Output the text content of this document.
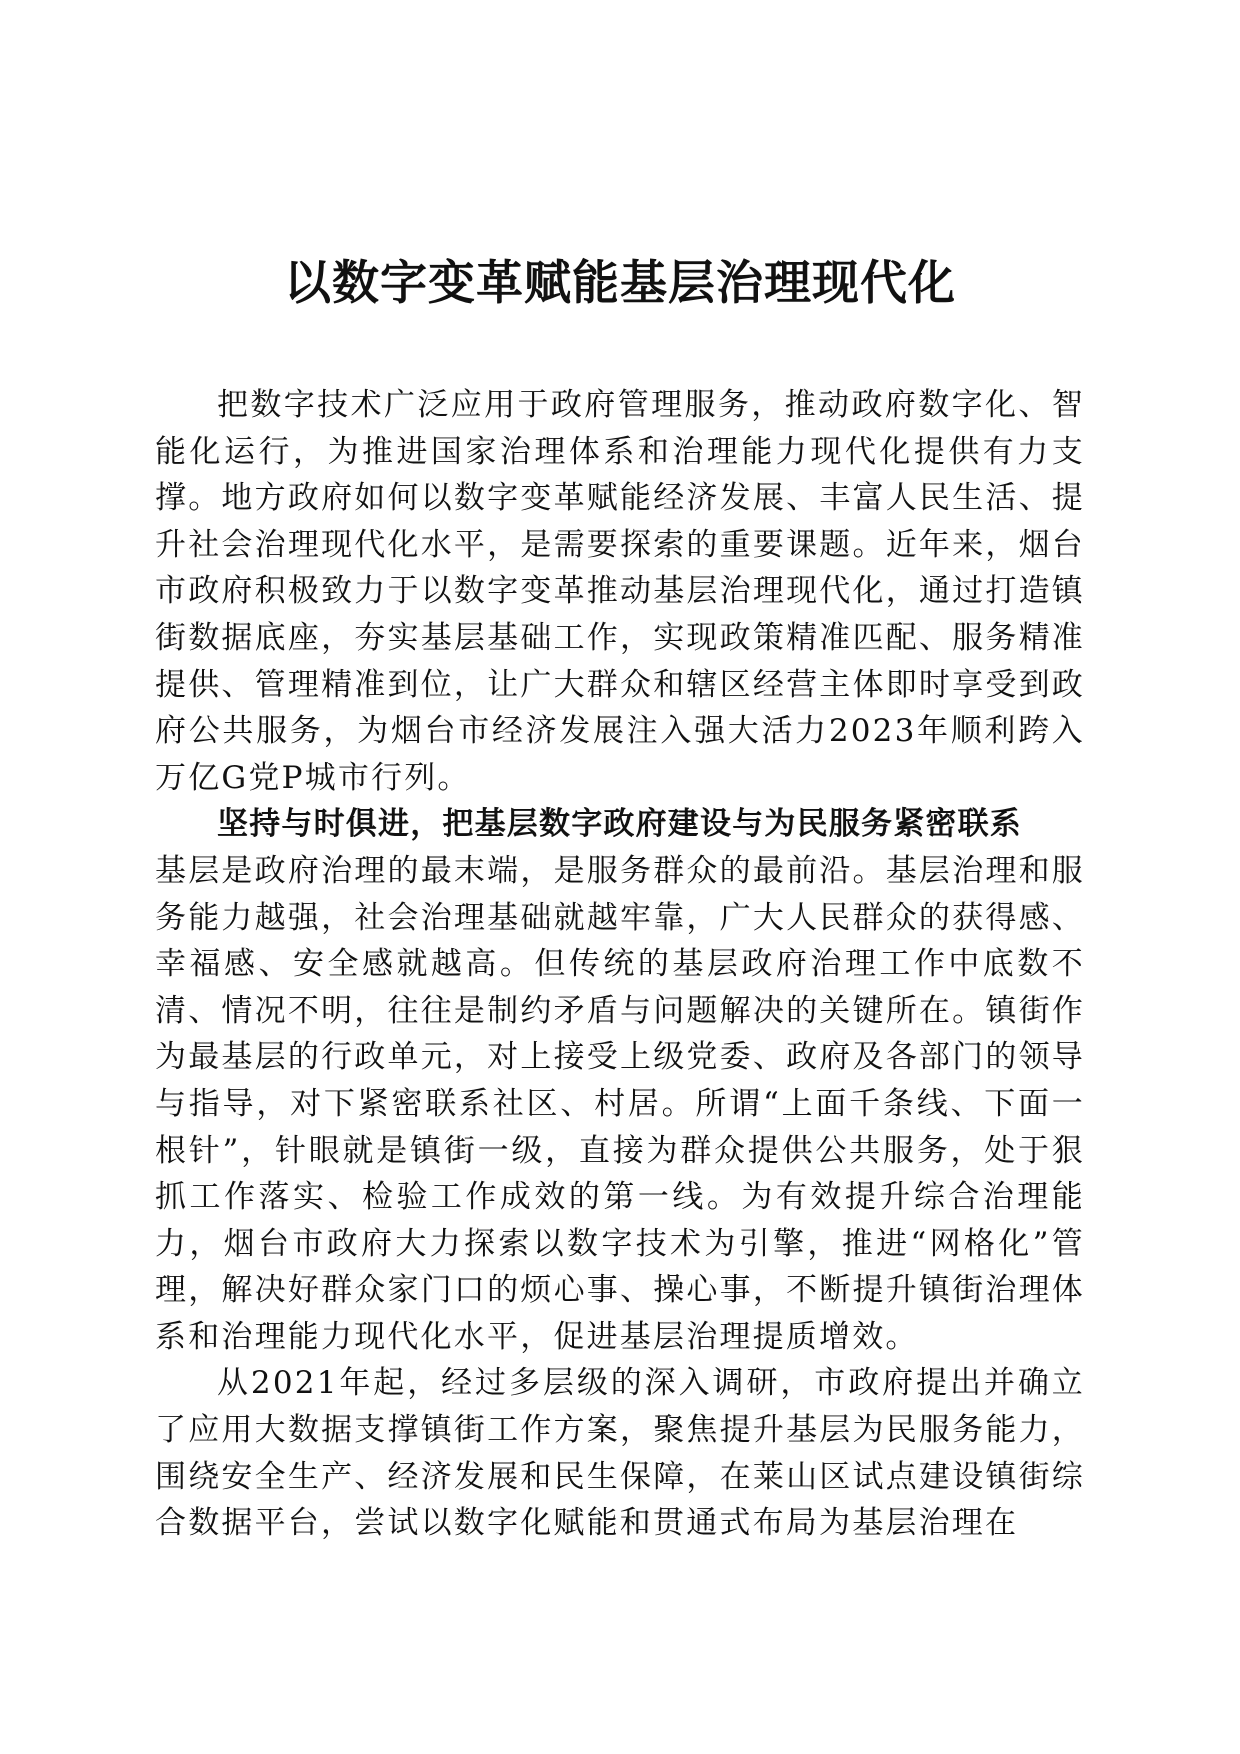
以数字变革赋能基层治理现代化

把数字技术广泛应用于政府管理服务，推动政府数字化、智能化运行，为推进国家治理体系和治理能力现代化提供有力支撑。地方政府如何以数字变革赋能经济发展、丰富人民生活、提升社会治理现代化水平，是需要探索的重要课题。近年来，烟台市政府积极致力于以数字变革推动基层治理现代化，通过打造镇街数据底座，夯实基层基础工作，实现政策精准匹配、服务精准提供、管理精准到位，让广大群众和辖区经营主体即时享受到政府公共服务，为烟台市经济发展注入强大活力2023年顺利跨入万亿G党P城市行列。

坚持与时俱进，把基层数字政府建设与为民服务紧密联系

基层是政府治理的最末端，是服务群众的最前沿。基层治理和服务能力越强，社会治理基础就越牢靠，广大人民群众的获得感、幸福感、安全感就越高。但传统的基层政府治理工作中底数不清、情况不明，往往是制约矛盾与问题解决的关键所在。镇街作为最基层的行政单元，对上接受上级党委、政府及各部门的领导与指导，对下紧密联系社区、村居。所谓“上面千条线、下面一根针”，针眼就是镇街一级，直接为群众提供公共服务，处于狠抓工作落实、检验工作成效的第一线。为有效提升综合治理能力，烟台市政府大力探索以数字技术为引擎，推进“网格化”管理，解决好群众家门口的烦心事、操心事，不断提升镇街治理体系和治理能力现代化水平，促进基层治理提质增效。

从2021年起，经过多层级的深入调研，市政府提出并确立了应用大数据支撑镇街工作方案，聚焦提升基层为民服务能力，围绕安全生产、经济发展和民生保障，在莱山区试点建设镇街综合数据平台，尝试以数字化赋能和贯通式布局为基层治理在
